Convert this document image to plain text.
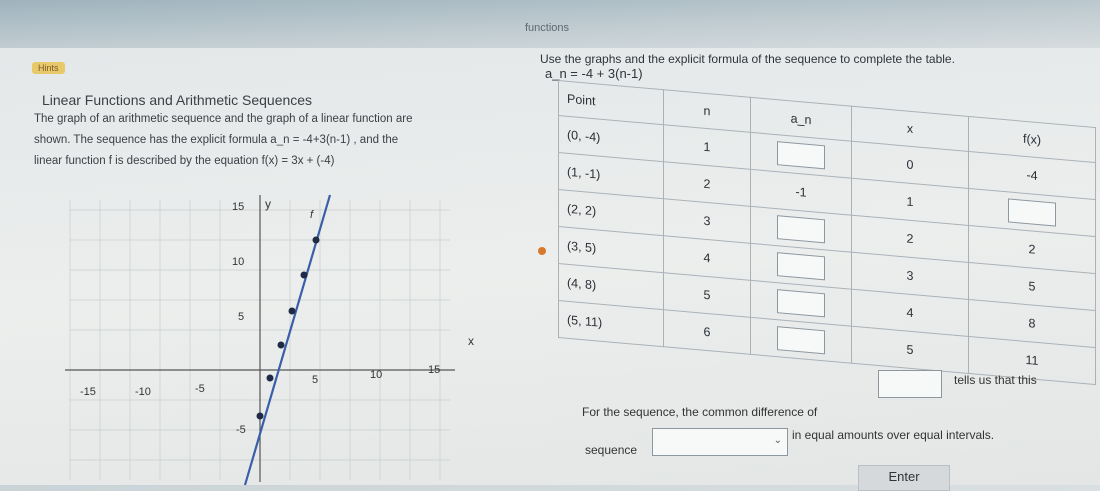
Hints
functions
Linear Functions and Arithmetic Sequences
The graph of an arithmetic sequence and the graph of a linear function are
shown. The sequence has the explicit formula a_n = -4+3(n-1) , and the
linear function f is described by the equation f(x) = 3x + (-4)
y
x
-15	-10	-5
5	10	15
15
10
5
-5
f
Use the graphs and the explicit formula of the sequence to complete the table.
a_n = -4 + 3(n-1)
Point	n	a_n	x	f(x)
(0, -4)	1		0	-4
(1, -1)	2	-1	1	
(2, 2)	3		2	2
(3, 5)	4		3	5
(4, 8)	5		4	8
(5, 11)	6		5	11
For the sequence, the common difference of
tells us that this
sequence
⌄ in equal amounts over equal intervals.
Enter
